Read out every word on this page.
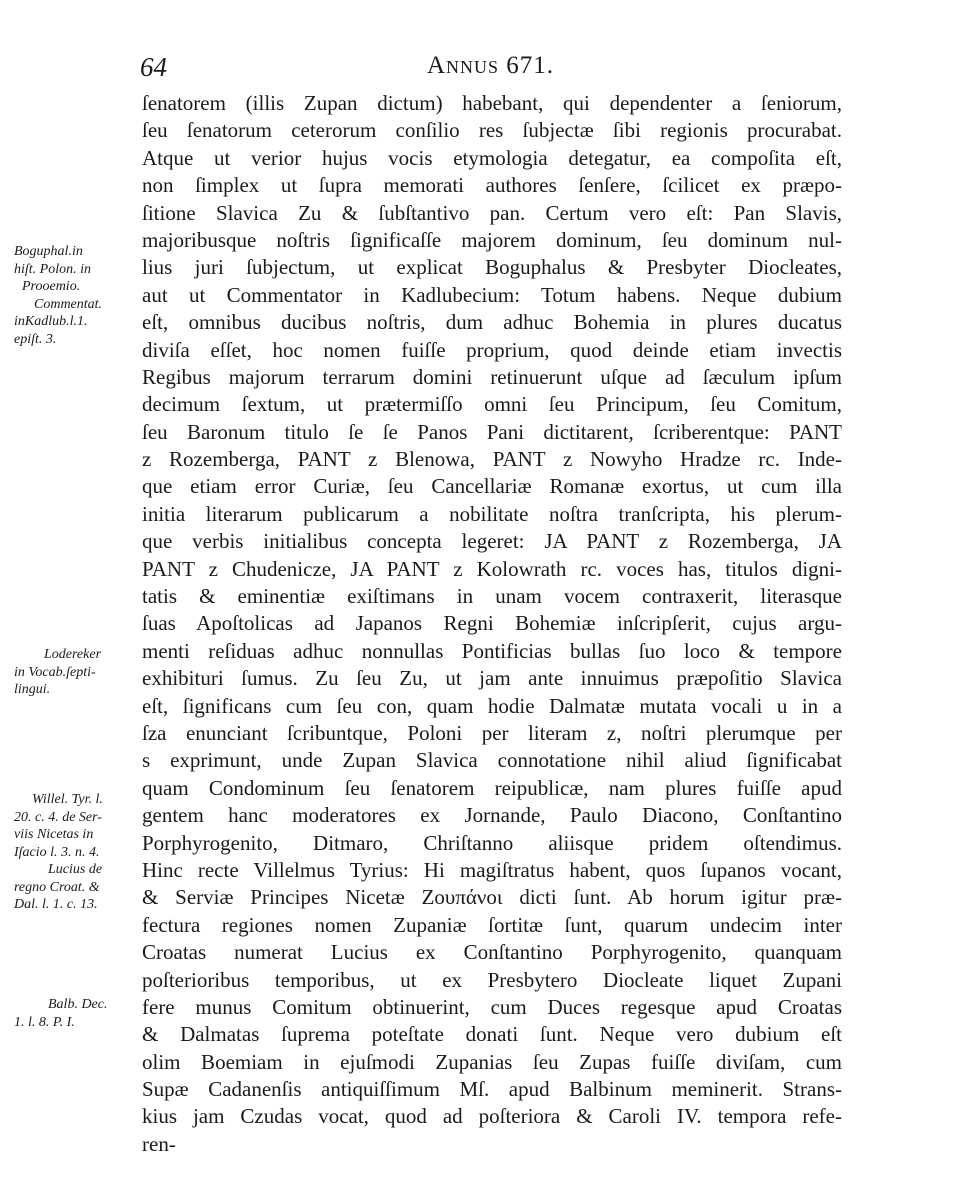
64	Annus 671.
ſenatorem (illis Zupan dictum) habebant, qui dependenter a ſeniorum,
ſeu ſenatorum ceterorum conſilio res ſubjectæ ſibi regionis procurabat.
Atque ut verior hujus vocis etymologia detegatur, ea compoſita eſt,
non ſimplex ut ſupra memorati authores ſenſere, ſcilicet ex præpo-
ſitione Slavica Zu & ſubſtantivo pan. Certum vero eſt: Pan Slavis,
majoribusque noſtris ſignificaſſe majorem dominum, ſeu dominum nul-
lius juri ſubjectum, ut explicat Boguphalus & Presbyter Diocleates,
aut ut Commentator in Kadlubecium: Totum habens. Neque dubium
eſt, omnibus ducibus noſtris, dum adhuc Bohemia in plures ducatus
diviſa eſſet, hoc nomen fuiſſe proprium, quod deinde etiam invectis
Regibus majorum terrarum domini retinuerunt uſque ad ſæculum ipſum
decimum ſextum, ut prætermiſſo omni ſeu Principum, ſeu Comitum,
ſeu Baronum titulo ſe ſe Panos Pani dictitarent, ſcriberentque: PANT
z Rozemberga, PANT z Blenowa, PANT z Nowyho Hradze rc. Inde-
que etiam error Curiæ, ſeu Cancellariæ Romanæ exortus, ut cum illa
initia literarum publicarum a nobilitate noſtra tranſcripta, his plerum-
que verbis initialibus concepta legeret: JA PANT z Rozemberga, JA
PANT z Chudenicze, JA PANT z Kolowrath rc. voces has, titulos digni-
tatis & eminentiæ exiſtimans in unam vocem contraxerit, literasque
ſuas Apoſtolicas ad Japanos Regni Bohemiæ inſcripſerit, cujus argu-
menti reſiduas adhuc nonnullas Pontificias bullas ſuo loco & tempore
exhibituri ſumus. Zu ſeu Zu, ut jam ante innuimus præpoſitio Slavica
eſt, ſignificans cum ſeu con, quam hodie Dalmatæ mutata vocali u in a
ſza enunciant ſcribuntque, Poloni per literam z, noſtri plerumque per
s exprimunt, unde Zupan Slavica connotatione nihil aliud ſignificabat
quam Condominum ſeu ſenatorem reipublicæ, nam plures fuiſſe apud
gentem hanc moderatores ex Jornande, Paulo Diacono, Conſtantino
Porphyrogenito, Ditmaro, Chriſtanno aliisque pridem oſtendimus.
Hinc recte Villelmus Tyrius: Hi magiſtratus habent, quos ſupanos vocant,
& Serviæ Principes Nicetæ Ζουπάνοι dicti ſunt. Ab horum igitur præ-
fectura regiones nomen Zupaniæ ſortitæ ſunt, quarum undecim inter
Croatas numerat Lucius ex Conſtantino Porphyrogenito, quanquam
poſterioribus temporibus, ut ex Presbytero Diocleate liquet Zupani
fere munus Comitum obtinuerint, cum Duces regesque apud Croatas
& Dalmatas ſuprema poteſtate donati ſunt. Neque vero dubium eſt
olim Boemiam in ejuſmodi Zupanias ſeu Zupas fuiſſe diviſam, cum
Supæ Cadanenſis antiquiſſimum Mſ. apud Balbinum meminerit. Strans-
kius jam Czudas vocat, quod ad poſteriora & Caroli IV. tempora refe-
ren-
Boguphal.in
hiſt. Polon. in
Prooemio.
Commentat.
inKadlub.l.1.
epiſt. 3.
Lodereker
in Vocab.ſepti-
lingui.
Willel. Tyr. l.
20. c. 4. de Ser-
viis Nicetas in
Iſacio l. 3. n. 4.
Lucius de
regno Croat. &
Dal. l. 1. c. 13.
Balb. Dec.
1. l. 8. P. I.
